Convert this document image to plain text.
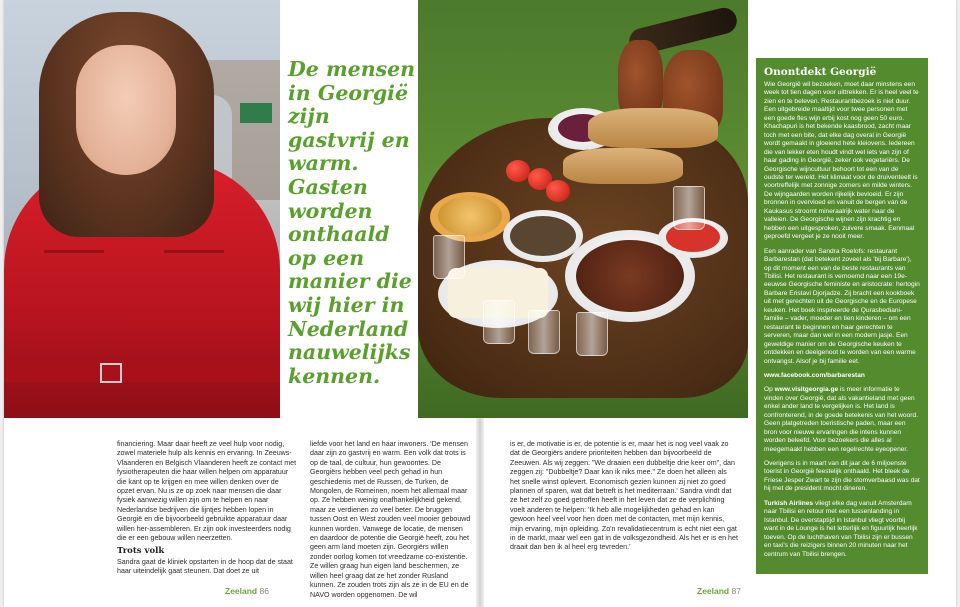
De mensen in Georgië zijn gastvrij en warm. Gasten worden onthaald op een manier die wij hier in Nederland nauwelijks kennen.

financiering. Maar daar heeft ze veel hulp voor nodig, zowel materiele hulp als kennis en ervaring. In Zeeuws-Vlaanderen en Belgisch Vlaanderen heeft ze contact met fysiotherapeuten die haar willen helpen om apparatuur die kant op te krijgen en mee willen denken over de opzet ervan. Nu is ze op zoek naar mensen die daar fysiek aanwezig willen zijn om te helpen en naar Nederlandse bedrijven die lijntjes hebben lopen in Georgië en die bijvoorbeeld gebruikte apparatuur daar willen her-assembleren. Er zijn ook investeerders nodig die er een gebouw willen neerzetten.

Trots volk

Sandra gaat de kliniek opstarten in de hoop dat de staat haar uiteindelijk gaat steunen. Dat doet ze uit

liefde voor het land en haar inwoners. 'De mensen daar zijn zo gastvrij en warm. Een volk dat trots is op de taal, de cultuur, hun gewoontes. De Georgiërs hebben veel pech gehad in hun geschiedenis met de Russen, de Turken, de Mongolen, de Romeinen, noem het allemaal maar op. Ze hebben weinig onafhankelijkheid gekend, maar ze verdienen zo veel beter. De bruggen tussen Oost en West zouden veel mooier gebouwd kunnen worden. Vanwege de locatie, de mensen en daardoor de potentie die Georgië heeft, zou het geen arm land moeten zijn. Georgiërs willen zonder oorlog komen tot vreedzame co-existentie. Ze willen graag hun eigen land beschermen, ze willen heel graag dat ze het zonder Rusland kunnen. Ze zouden trots zijn als ze in de EU en de NAVO worden opgenomen. De wil

is er, de motivatie is er, de potentie is er, maar het is nog veel vaak zo dat de Georgiërs andere prioriteiten hebben dan bijvoorbeeld de Zeeuwen. Als wij zeggen: "We draaien een dubbeltje drie keer om", dan zeggen zij: "Dubbeltje? Daar kan ik niks mee." Ze doen het alleen als het snelle winst oplevert. Economisch gezien kunnen zij niet zo goed plannen of sparen, wat dat betreft is het mediterraan.' Sandra vindt dat ze het zelf zo goed getroffen heeft in het leven dat ze de verplichting voelt anderen te helpen: 'Ik heb alle mogelijkheden gehad en kan gewoon heel veel voor hen doen met de contacten, met mijn kennis, mijn ervaring, mijn opleiding. Zo'n revalidatiecentrum is echt niet een gat in de markt, maar wel een gat in de volksgezondheid. Als het er is en het draait dan ben ik al heel erg tevreden.'

Zeeland 86	Zeeland 87
Onontdekt Georgië

Wie Georgië wil bezoeken, moet daar minstens een week tot tien dagen voor uittrekken. Er is heel veel te zien en te beleven. Restaurantbezoek is niet duur. Een uitgebreide maaltijd voor twee personen met een goede fles wijn erbij kost nog geen 50 euro. Khachapuri is het bekende kaasbrood, zacht maar toch met een bite, dat elke dag overal in Georgië wordt gemaakt in gloeiend hete kleiovens. Iedereen die van lekker eten houdt vindt wel iets van zijn of haar gading in Georgië, zeker ook vegetariërs. De Georgische wijncultuur behoort tot een van de oudste ter wereld. Het klimaat voor de druiventeelt is voortreffelijk met zonnige zomers en milde winters. De wijngaarden worden rijkelijk bevloeid. Er zijn bronnen in overvloed en vanuit de bergen van de Kaukasus stroomt mineraalrijk water naar de valleien. De Georgische wijnen zijn krachtig en hebben een uitgesproken, zuivere smaak. Eenmaal geproefd vergeet je ze nooit meer.

Een aanrader van Sandra Roelofs: restaurant Barbarestan (dat betekent zoveel als 'bij Barbare'), op dit moment een van de beste restaurants van Tbilisi. Het restaurant is vernoemd naar een 19e-eeuwse Georgische feministe en aristocrate: hertogin Barbare Eristavi Djorjadze. Zij bracht een kookboek uit met gerechten uit de Georgische en de Europese keuken. Het boek inspireerde de Qurasbediani-familie – vader, moeder en tien kinderen – om een restaurant te beginnen en haar gerechten te serveren, maar dan wel in een modern jasje. Een geweldige manier om de Georgische keuken te ontdekken en deelgenoot te worden van een warme ontvangst. Alsof je bij familie eet.

www.facebook.com/barbarestan

Op www.visitgeorgia.ge is meer informatie te vinden over Georgië, dat als vakantieland met geen enkel ander land te vergelijken is. Het land is confronterend, in de goede betekenis van het woord. Geen platgetreden toeristische paden, maar een bron voor nieuwe ervaringen die intens kunnen worden beleefd. Voor bezoekers die alles al meegemaakt hebben een regelrechte eyeopener.

Overigens is in maart van dit jaar de 6 miljoenste toerist in Georgië feestelijk onthaald. Het bleek de Friese Jesper Zwart te zijn die stomverbaasd was dat hij met de president mocht dineren.

Turkish Airlines vliegt elke dag vanuit Amsterdam naar Tbilisi en retour met een tussenlanding in Istanbul. De overstaptijd in Istanbul vliegt voorbij want in de Lounge is het letterlijk en figuurlijk heerlijk toeven. Op de luchthaven van Tbilisi zijn er bussen en taxi's die reizigers binnen 20 minuten naar het centrum van Tbilisi brengen.
